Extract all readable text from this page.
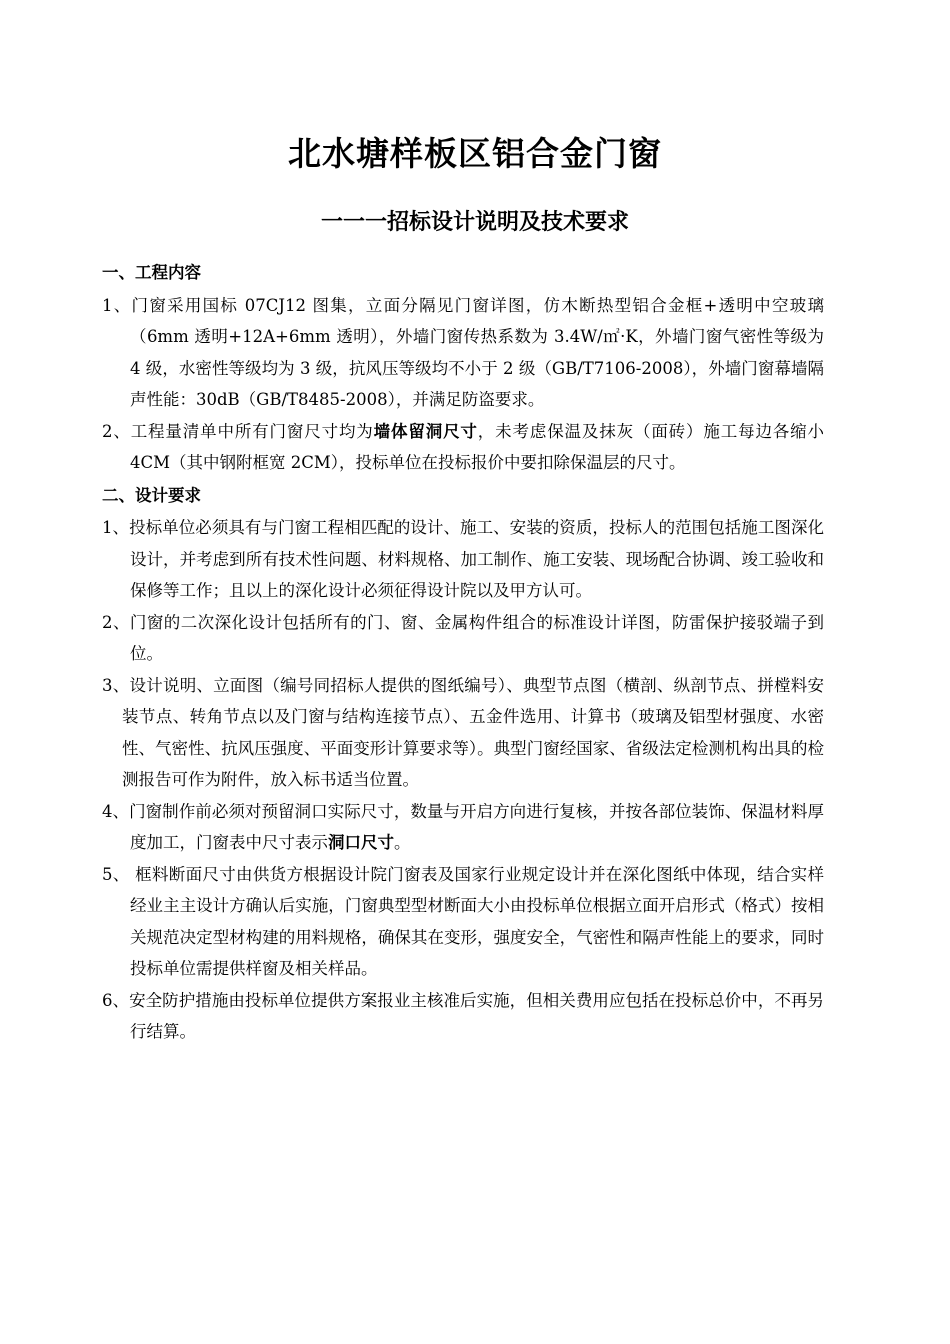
北水塘样板区铝合金门窗
一一一招标设计说明及技术要求
一、工程内容
1、门窗采用国标 07CJ12 图集，立面分隔见门窗详图，仿木断热型铝合金框+透明中空玻璃（6mm 透明+12A+6mm 透明），外墙门窗传热系数为 3.4W/㎡·K，外墙门窗气密性等级为 4 级，水密性等级均为 3 级，抗风压等级均不小于 2 级（GB/T7106-2008），外墙门窗幕墙隔声性能：30dB（GB/T8485-2008），并满足防盗要求。
2、工程量清单中所有门窗尺寸均为墙体留洞尺寸，未考虑保温及抹灰（面砖）施工每边各缩小 4CM（其中钢附框宽 2CM），投标单位在投标报价中要扣除保温层的尺寸。
二、设计要求
1、投标单位必须具有与门窗工程相匹配的设计、施工、安装的资质，投标人的范围包括施工图深化设计，并考虑到所有技术性问题、材料规格、加工制作、施工安装、现场配合协调、竣工验收和保修等工作；且以上的深化设计必须征得设计院以及甲方认可。
2、门窗的二次深化设计包括所有的门、窗、金属构件组合的标准设计详图，防雷保护接驳端子到位。
3、设计说明、立面图（编号同招标人提供的图纸编号）、典型节点图（横剖、纵剖节点、拼樘料安装节点、转角节点以及门窗与结构连接节点）、五金件选用、计算书（玻璃及铝型材强度、水密性、气密性、抗风压强度、平面变形计算要求等）。典型门窗经国家、省级法定检测机构出具的检测报告可作为附件，放入标书适当位置。
4、门窗制作前必须对预留洞口实际尺寸，数量与开启方向进行复核，并按各部位装饰、保温材料厚度加工，门窗表中尺寸表示洞口尺寸。
5、 框料断面尺寸由供货方根据设计院门窗表及国家行业规定设计并在深化图纸中体现，结合实样经业主主设计方确认后实施，门窗典型型材断面大小由投标单位根据立面开启形式（格式）按相关规范决定型材构建的用料规格，确保其在变形，强度安全，气密性和隔声性能上的要求，同时投标单位需提供样窗及相关样品。
6、安全防护措施由投标单位提供方案报业主核准后实施，但相关费用应包括在投标总价中，不再另行结算。
